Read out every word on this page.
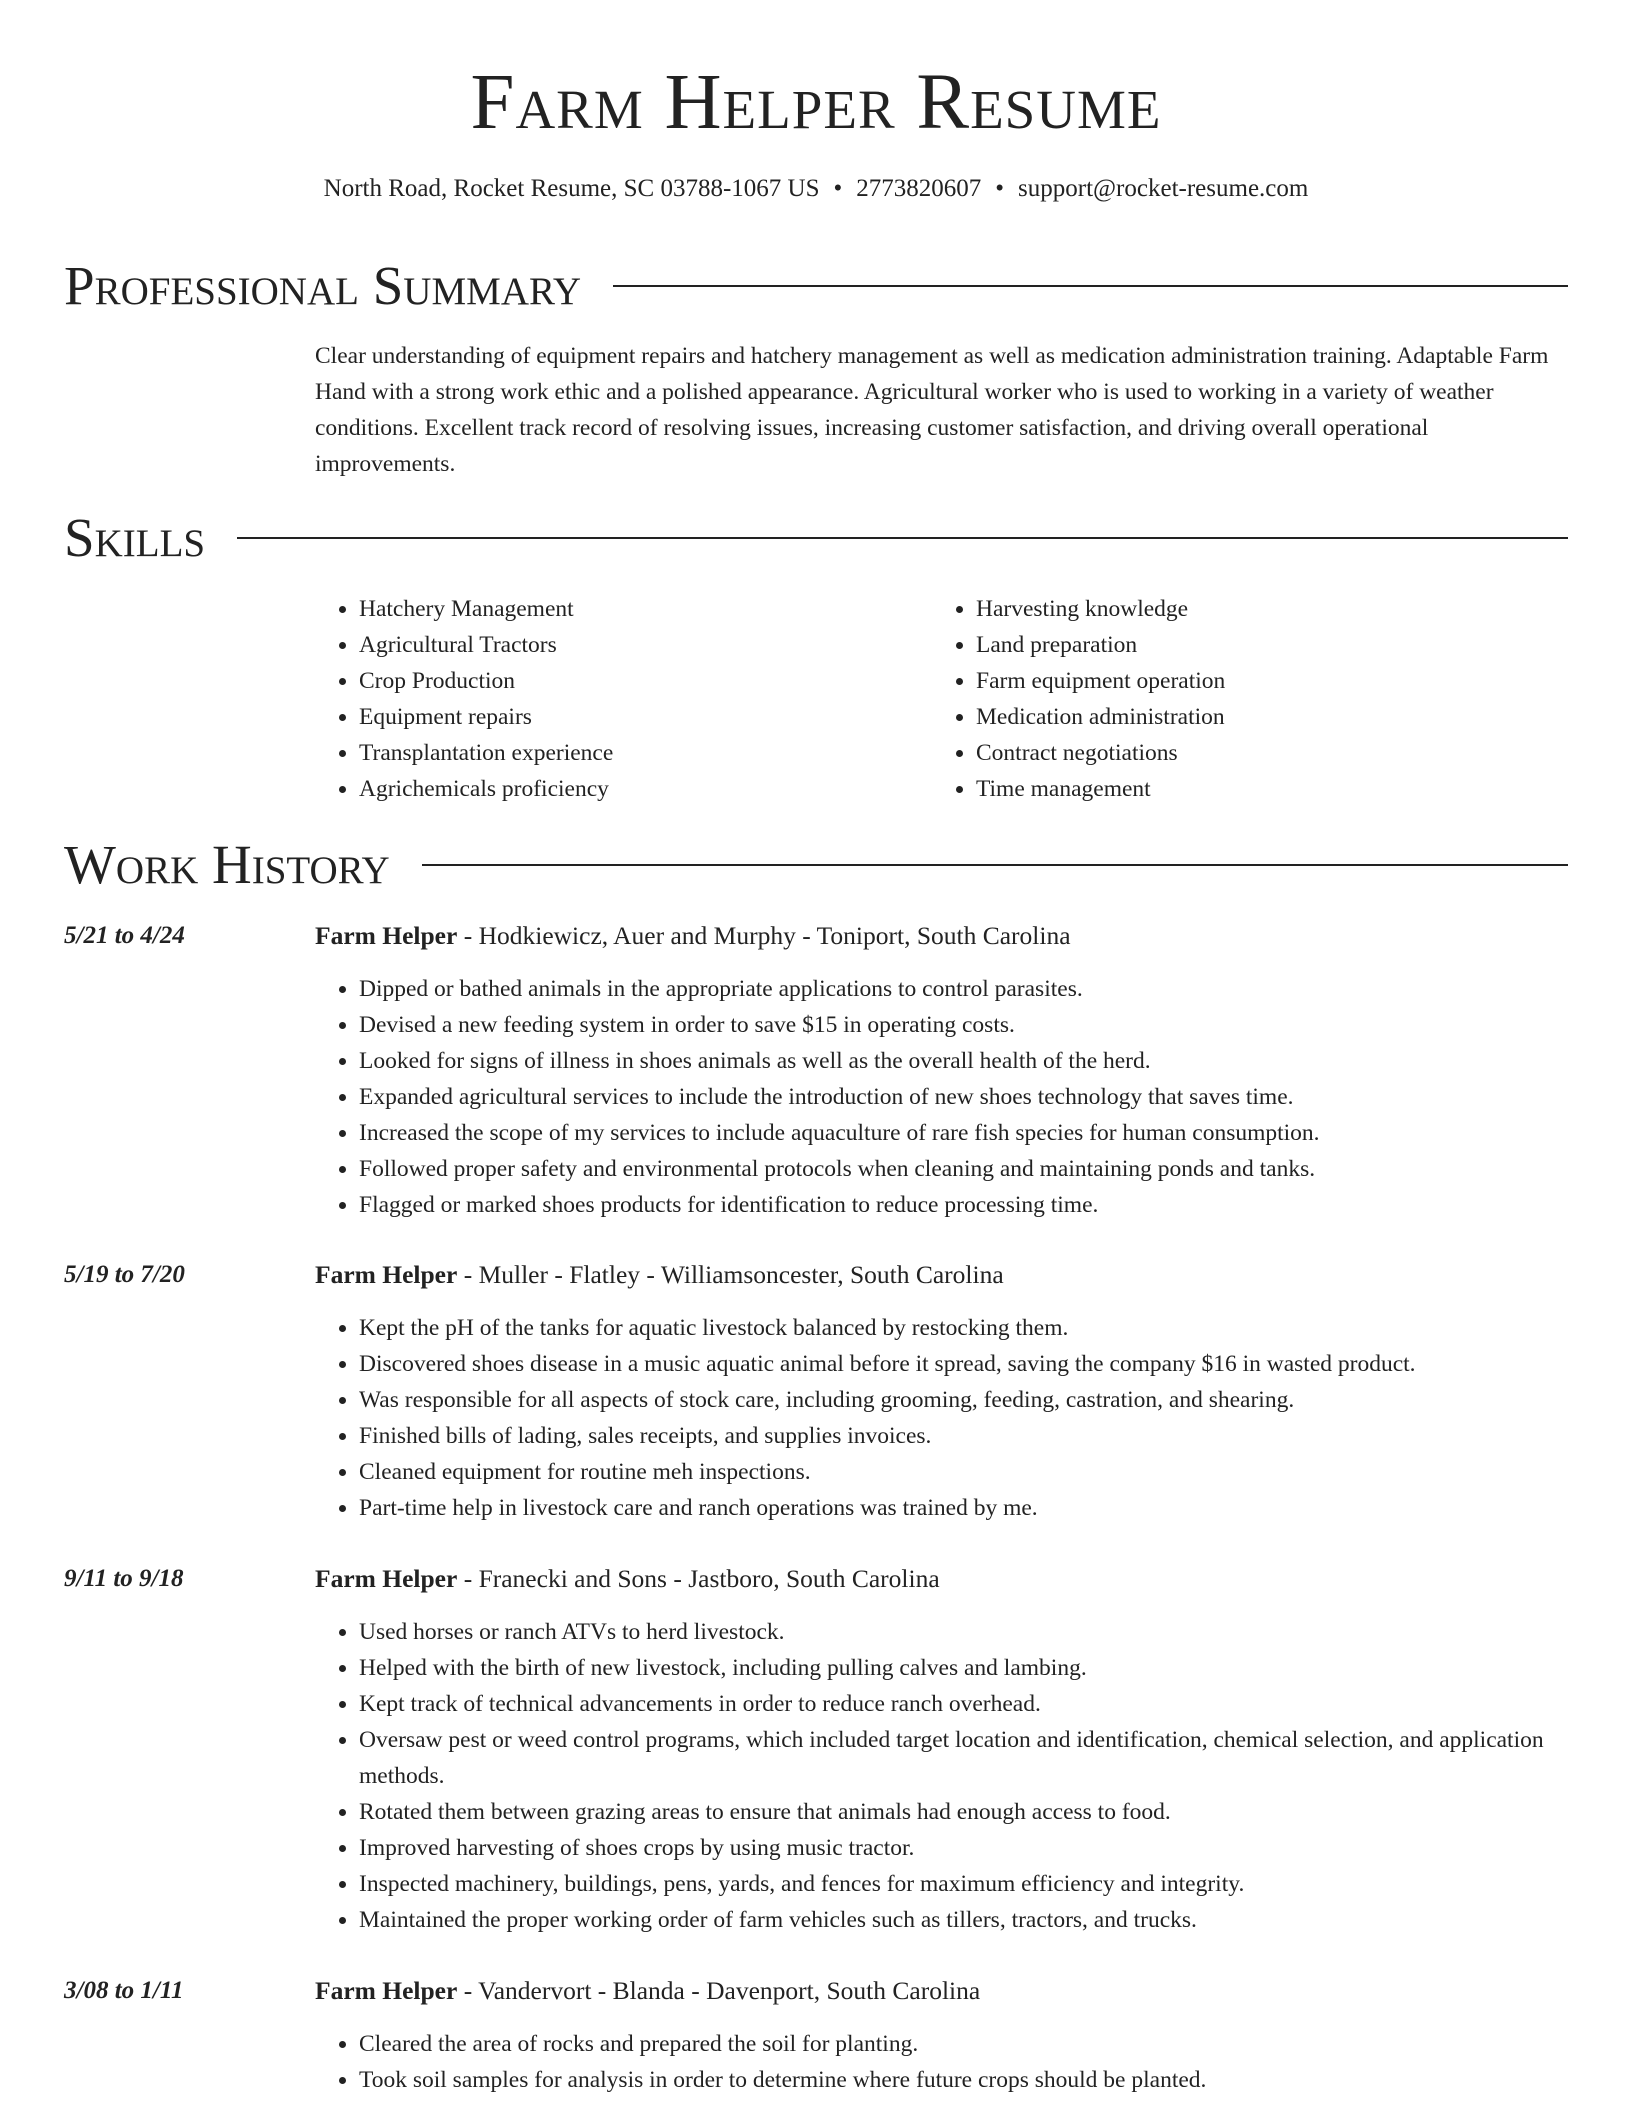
Farm Helper Resume
North Road, Rocket Resume, SC 03788-1067 US • 2773820607 • support@rocket-resume.com
Professional Summary

Clear understanding of equipment repairs and hatchery management as well as medication administration training. Adaptable Farm Hand with a strong work ethic and a polished appearance. Agricultural worker who is used to working in a variety of weather conditions. Excellent track record of resolving issues, increasing customer satisfaction, and driving overall operational improvements.

Skills
• Hatchery Management
• Agricultural Tractors
• Crop Production
• Equipment repairs
• Transplantation experience
• Agrichemicals proficiency
• Harvesting knowledge
• Land preparation
• Farm equipment operation
• Medication administration
• Contract negotiations
• Time management
Work History
5/21 to 4/24	Farm Helper - Hodkiewicz, Auer and Murphy - Toniport, South Carolina
• Dipped or bathed animals in the appropriate applications to control parasites.
• Devised a new feeding system in order to save $15 in operating costs.
• Looked for signs of illness in shoes animals as well as the overall health of the herd.
• Expanded agricultural services to include the introduction of new shoes technology that saves time.
• Increased the scope of my services to include aquaculture of rare fish species for human consumption.
• Followed proper safety and environmental protocols when cleaning and maintaining ponds and tanks.
• Flagged or marked shoes products for identification to reduce processing time.
5/19 to 7/20	Farm Helper - Muller - Flatley - Williamsoncester, South Carolina
• Kept the pH of the tanks for aquatic livestock balanced by restocking them.
• Discovered shoes disease in a music aquatic animal before it spread, saving the company $16 in wasted product.
• Was responsible for all aspects of stock care, including grooming, feeding, castration, and shearing.
• Finished bills of lading, sales receipts, and supplies invoices.
• Cleaned equipment for routine meh inspections.
• Part-time help in livestock care and ranch operations was trained by me.
9/11 to 9/18	Farm Helper - Franecki and Sons - Jastboro, South Carolina
• Used horses or ranch ATVs to herd livestock.
• Helped with the birth of new livestock, including pulling calves and lambing.
• Kept track of technical advancements in order to reduce ranch overhead.
• Oversaw pest or weed control programs, which included target location and identification, chemical selection, and application methods.
• Rotated them between grazing areas to ensure that animals had enough access to food.
• Improved harvesting of shoes crops by using music tractor.
• Inspected machinery, buildings, pens, yards, and fences for maximum efficiency and integrity.
• Maintained the proper working order of farm vehicles such as tillers, tractors, and trucks.
3/08 to 1/11	Farm Helper - Vandervort - Blanda - Davenport, South Carolina
• Cleared the area of rocks and prepared the soil for planting.
• Took soil samples for analysis in order to determine where future crops should be planted.
